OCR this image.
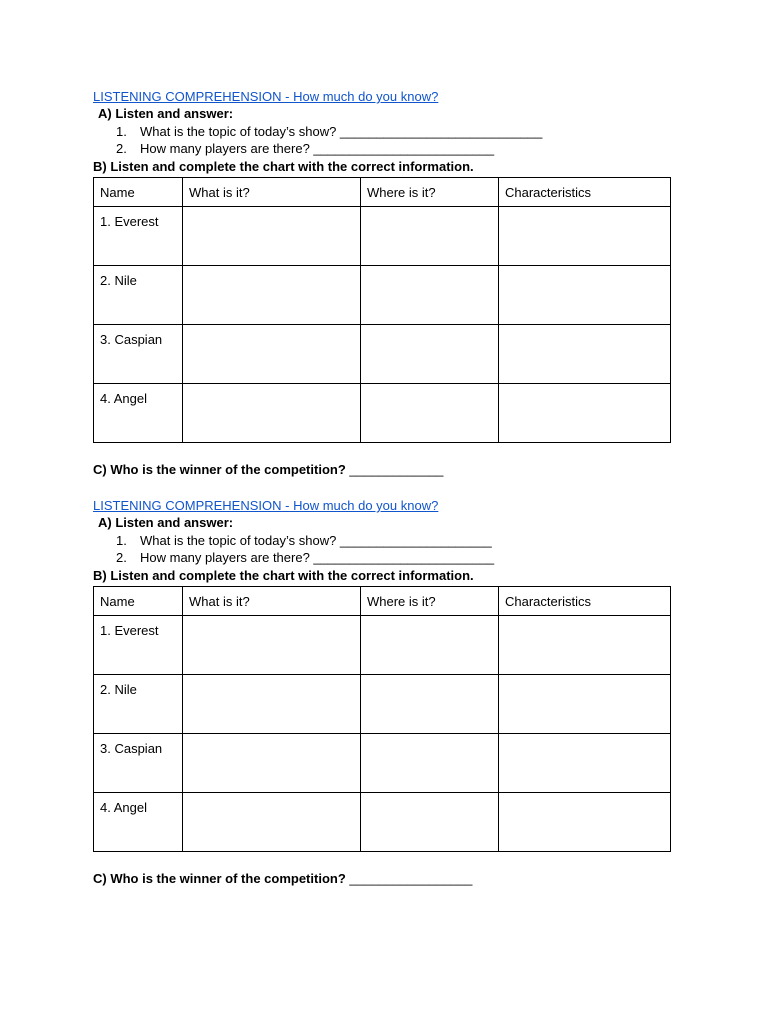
LISTENING COMPREHENSION - How much do you know?
A) Listen and answer:
1. What is the topic of today’s show? ____________________________
2. How many players are there? _________________________
B) Listen and complete the chart with the correct information.
Name	What is it?	Where is it?	Characteristics
1. Everest			
2. Nile			
3. Caspian			
4. Angel			
C) Who is the winner of the competition? _____________
LISTENING COMPREHENSION - How much do you know?
A) Listen and answer:
1. What is the topic of today’s show? _____________________
2. How many players are there? _________________________
B) Listen and complete the chart with the correct information.
Name	What is it?	Where is it?	Characteristics
1. Everest			
2. Nile			
3. Caspian			
4. Angel			
C) Who is the winner of the competition? _________________
